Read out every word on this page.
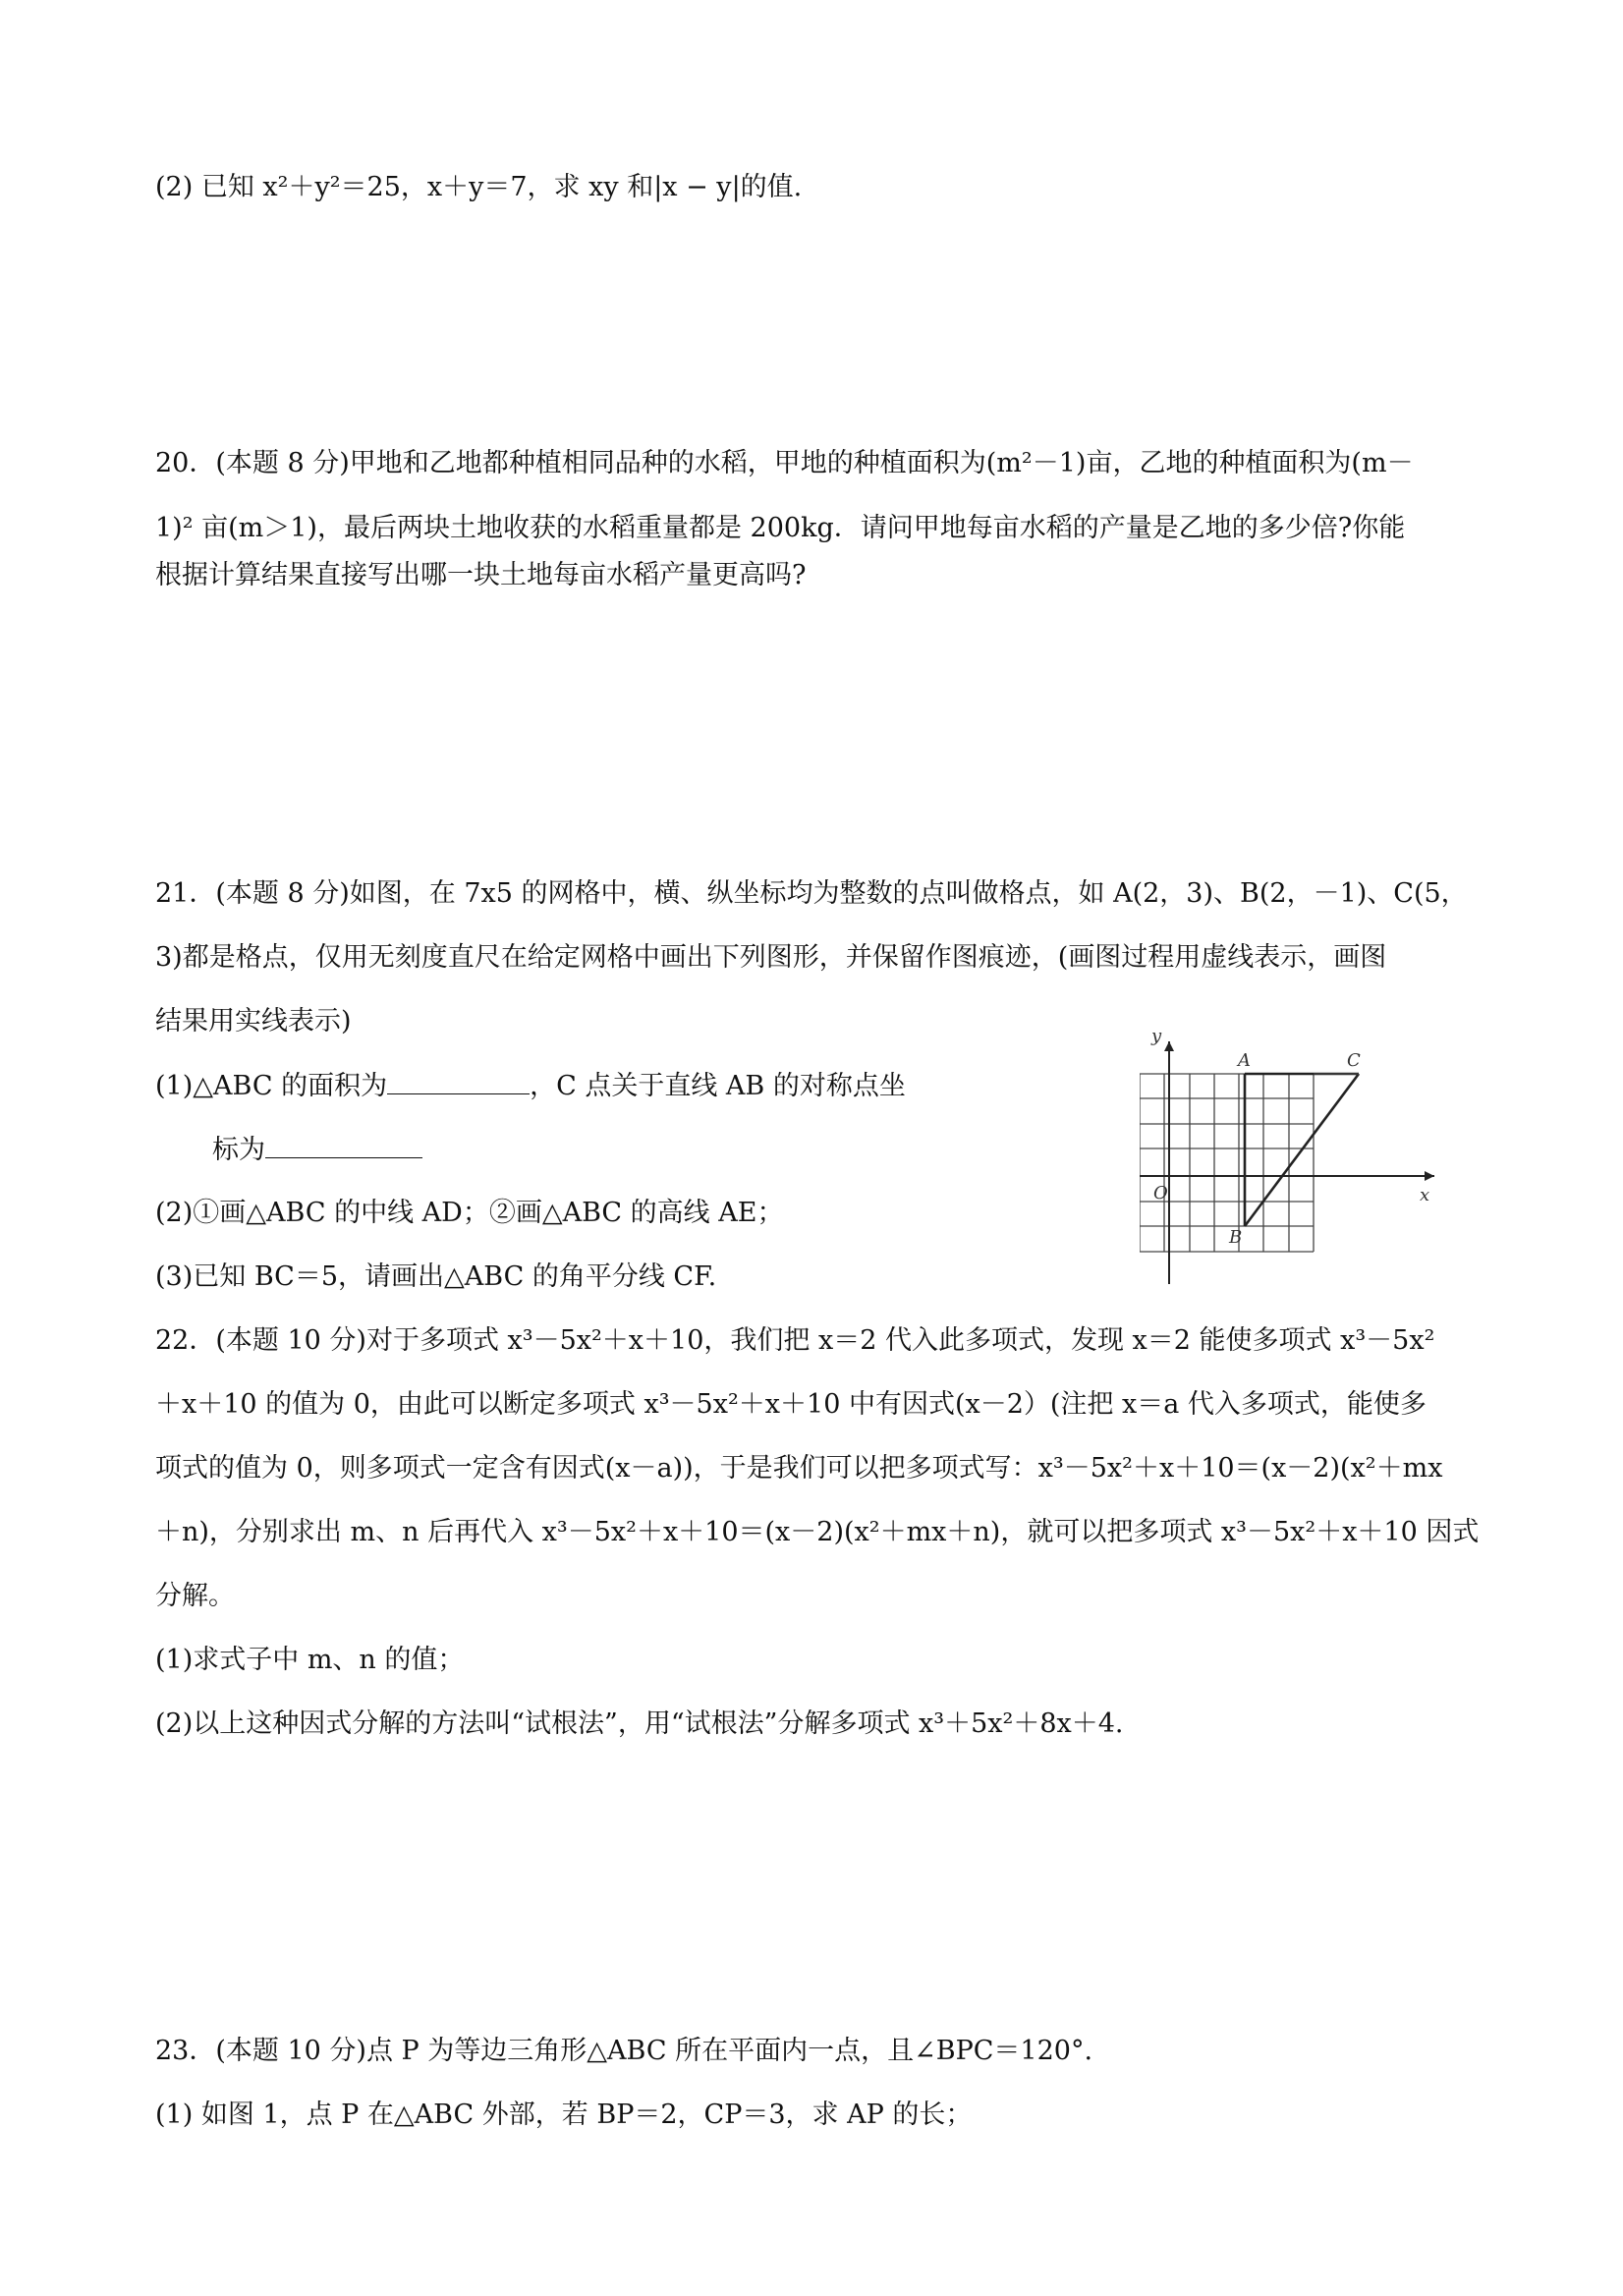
(2) 已知 x²＋y²＝25，x＋y＝7，求 xy 和|x − y|的值.
20．(本题 8 分)甲地和乙地都种植相同品种的水稻，甲地的种植面积为(m²－1)亩，乙地的种植面积为(m－
1)² 亩(m＞1)，最后两块土地收获的水稻重量都是 200kg．请问甲地每亩水稻的产量是乙地的多少倍?你能
根据计算结果直接写出哪一块土地每亩水稻产量更高吗?
21．(本题 8 分)如图，在 7x5 的网格中，横、纵坐标均为整数的点叫做格点，如 A(2，3)、B(2，－1)、C(5，
3)都是格点，仅用无刻度直尺在给定网格中画出下列图形，并保留作图痕迹，(画图过程用虚线表示，画图
结果用实线表示)
(1)△ABC 的面积为	，C 点关于直线 AB 的对称点坐
标为
(2)①画△ABC 的中线 AD；②画△ABC 的高线 AE；
(3)已知 BC＝5，请画出△ABC 的角平分线 CF.
y
x
O
A
B
C
22．(本题 10 分)对于多项式 x³－5x²＋x＋10，我们把 x＝2 代入此多项式，发现 x＝2 能使多项式 x³－5x²
＋x＋10 的值为 0，由此可以断定多项式 x³－5x²＋x＋10 中有因式(x－2）(注把 x＝a 代入多项式，能使多
项式的值为 0，则多项式一定含有因式(x－a))，于是我们可以把多项式写：x³－5x²＋x＋10＝(x－2)(x²＋mx
＋n)，分别求出 m、n 后再代入 x³－5x²＋x＋10＝(x－2)(x²＋mx＋n)，就可以把多项式 x³－5x²＋x＋10 因式
分解。
(1)求式子中 m、n 的值；
(2)以上这种因式分解的方法叫“试根法”，用“试根法”分解多项式 x³＋5x²＋8x＋4.
23．(本题 10 分)点 P 为等边三角形△ABC 所在平面内一点，且∠BPC＝120°.
(1) 如图 1，点 P 在△ABC 外部，若 BP＝2，CP＝3，求 AP 的长；
